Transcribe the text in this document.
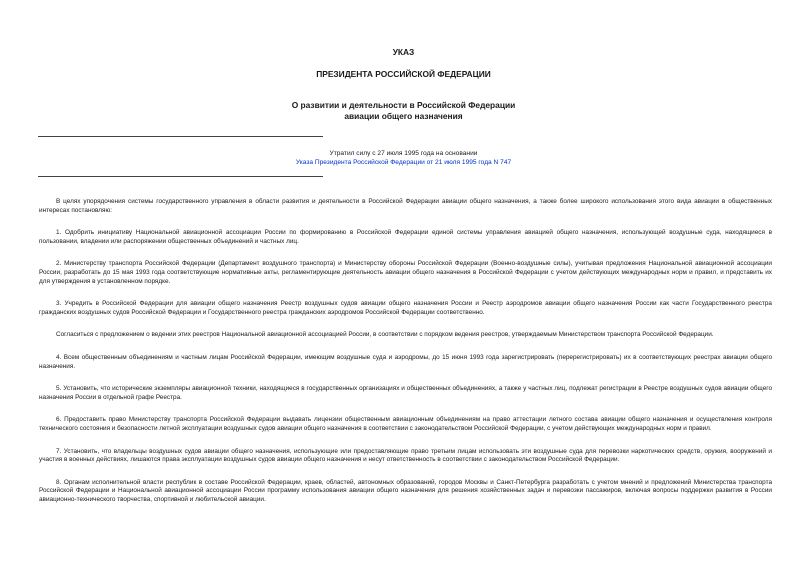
УКАЗ
ПРЕЗИДЕНТА РОССИЙСКОЙ ФЕДЕРАЦИИ
О развитии и деятельности в Российской Федерации
авиации общего назначения
Утратил силу с 27 июля 1995 года на основании
Указа Президента Российской Федерации от 21 июля 1995 года N 747

В целях упорядочения системы государственного управления в области развития и деятельности в Российской Федерации авиации общего назначения, а также более широкого использования этого вида авиации в общественных интересах постановляю:

1. Одобрить инициативу Национальной авиационной ассоциации России по формированию в Российской Федерации единой системы управления авиацией общего назначения, использующей воздушные суда, находящиеся в пользовании, владении или распоряжении общественных объединений и частных лиц.

2. Министерству транспорта Российской Федерации (Департамент воздушного транспорта) и Министерству обороны Российской Федерации (Военно-воздушные силы), учитывая предложения Национальной авиационной ассоциации России, разработать до 15 мая 1993 года соответствующие нормативные акты, регламентирующие деятельность авиации общего назначения в Российской Федерации с учетом действующих международных норм и правил, и представить их для утверждения в установленном порядке.

3. Учредить в Российской Федерации для авиации общего назначения Реестр воздушных судов авиации общего назначения России и Реестр аэродромов авиации общего назначения России как части Государственного реестра гражданских воздушных судов Российской Федерации и Государственного реестра гражданских аэродромов Российской Федерации соответственно.

Согласиться с предложением о ведении этих реестров Национальной авиационной ассоциацией России, в соответствии с порядком ведения реестров, утверждаемым Министерством транспорта Российской Федерации.

4. Всем общественным объединениям и частным лицам Российской Федерации, имеющим воздушные суда и аэродромы, до 15 июня 1993 года зарегистрировать (перерегистрировать) их в соответствующих реестрах авиации общего назначения.

5. Установить, что исторические экземпляры авиационной техники, находящиеся в государственных организациях и общественных объединениях, а также у частных лиц, подлежат регистрации в Реестре воздушных судов авиации общего назначения России в отдельной графе Реестра.

6. Предоставить право Министерству транспорта Российской Федерации выдавать лицензии общественным авиационным объединениям на право аттестации летного состава авиации общего назначения и осуществления контроля технического состояния и безопасности летной эксплуатации воздушных судов авиации общего назначения в соответствии с законодательством Российской Федерации, с учетом действующих международных норм и правил.

7. Установить, что владельцы воздушных судов авиации общего назначения, использующие или предоставляющие право третьим лицам использовать эти воздушные суда для перевозки наркотических средств, оружия, вооружений и участия в военных действиях, лишаются права эксплуатации воздушных судов авиации общего назначения и несут ответственность в соответствии с законодательством Российской Федерации.

8. Органам исполнительной власти республик в составе Российской Федерации, краев, областей, автономных образований, городов Москвы и Санкт-Петербурга разработать с учетом мнений и предложений Министерства транспорта Российской Федерации и Национальной авиационной ассоциации России программу использования авиации общего назначения для решения хозяйственных задач и перевозки пассажиров, включая вопросы поддержки развития в России авиационно-технического творчества, спортивной и любительской авиации.
